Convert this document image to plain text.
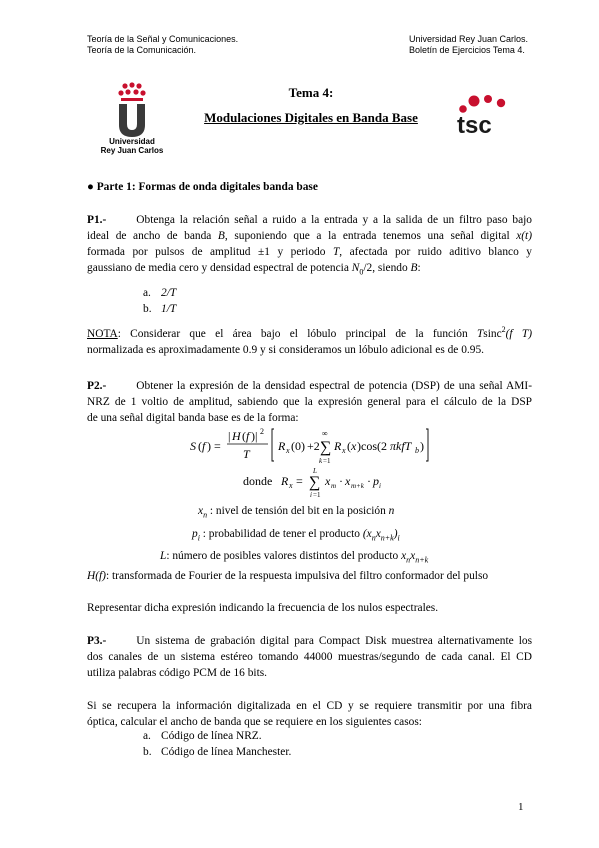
Teoría de la Señal y Comunicaciones.
Teoría de la Comunicación.
Universidad Rey Juan Carlos.
Boletín de Ejercicios Tema 4.
Universidad
Rey Juan Carlos
tsc
Tema 4:
Modulaciones Digitales en Banda Base
● Parte 1: Formas de onda digitales banda base
P1.-	Obtenga la relación señal a ruido a la entrada y a la salida de un filtro paso bajo
ideal de ancho de banda B, suponiendo que a la entrada tenemos una señal digital x(t)
formada por pulsos de amplitud ±1 y periodo T, afectada por ruido aditivo blanco y
gaussiano de media cero y densidad espectral de potencia $N_0/2$, siendo B:
a. 2/T
b. 1/T
NOTA: Considerar que el área bajo el lóbulo principal de la función Tsinc$^2$(f T)
normalizada es aproximadamente 0.9 y si consideramos un lóbulo adicional es de 0.95.
P2.-	Obtener la expresión de la densidad espectral de potencia (DSP) de una señal AMI-
NRZ de 1 voltio de amplitud, sabiendo que la expresión general para el cálculo de la DSP
de una señal digital banda base es de la forma:
S ( f ) =
| H ( f )| 2
T
R x (0) +2 ∑
∞
k =1
R x ( x )cos(2 πkfT b )
donde R x = ∑
L
i =1
x m · x m+k · p i
$x_n$ : nivel de tensión del bit en la posición n
$p_i$ : probabilidad de tener el producto $(x_nx_{n+k})_i$
L: número de posibles valores distintos del producto $x_nx_{n+k}$
H(f): transformada de Fourier de la respuesta impulsiva del filtro conformador del pulso
Representar dicha expresión indicando la frecuencia de los nulos espectrales.
P3.-	Un sistema de grabación digital para Compact Disk muestrea alternativamente los
dos canales de un sistema estéreo tomando 44000 muestras/segundo de cada canal. El CD
utiliza palabras código PCM de 16 bits.
Si se recupera la información digitalizada en el CD y se requiere transmitir por una fibra
óptica, calcular el ancho de banda que se requiere en los siguientes casos:
a. Código de línea NRZ.
b. Código de línea Manchester.
1
